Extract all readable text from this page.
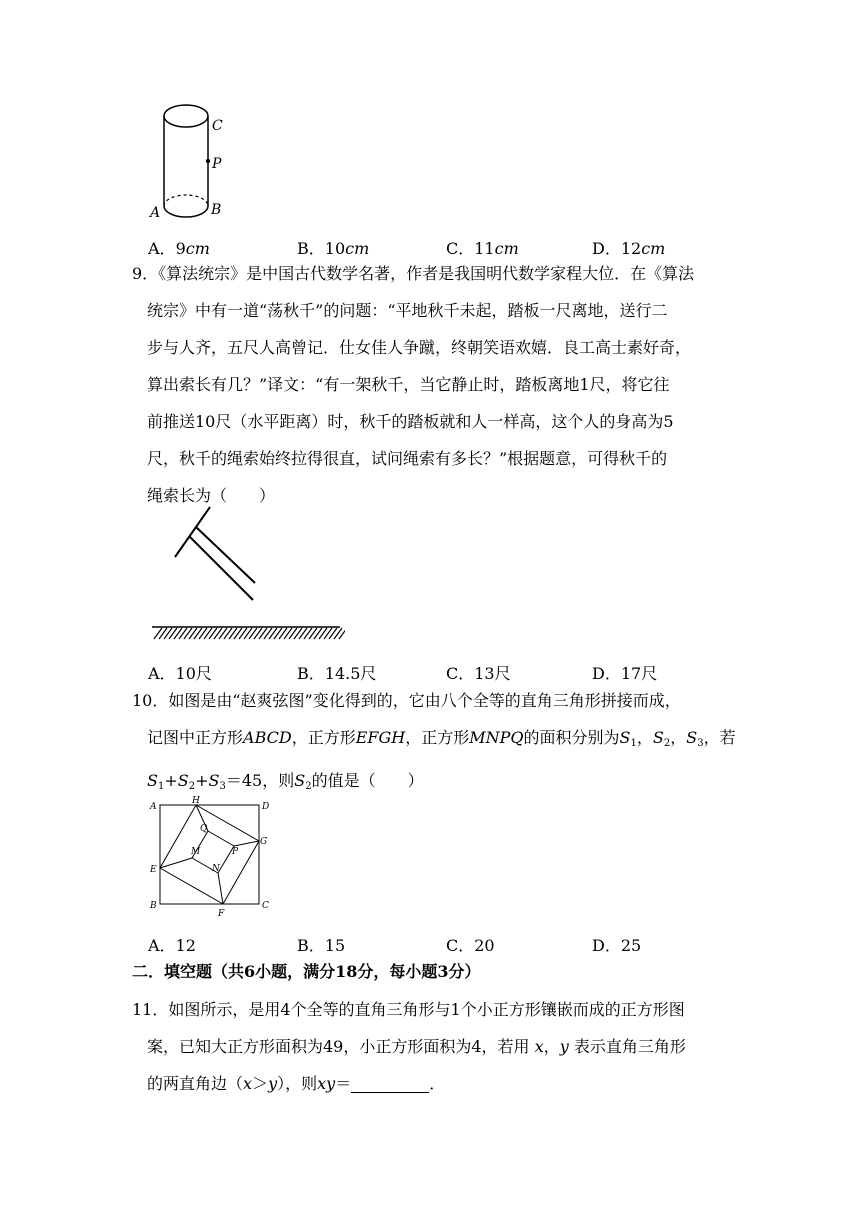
C
P
A	B
A．9cm	B．10cm	C．11cm	D．12cm
9．《算法统宗》是中国古代数学名著，作者是我国明代数学家程大位．在《算法
统宗》中有一道“荡秋千”的问题：“平地秋千未起，踏板一尺离地，送行二
步与人齐，五尺人高曾记．仕女佳人争蹴，终朝笑语欢嬉．良工高士素好奇，
算出索长有几？”译文：“有一架秋千，当它静止时，踏板离地1尺，将它往
前推送10尺（水平距离）时，秋千的踏板就和人一样高，这个人的身高为5
尺，秋千的绳索始终拉得很直，试问绳索有多长？”根据题意，可得秋千的
绳索长为（　　）
A．10尺	B．14.5尺	C．13尺	D．17尺
10．如图是由“赵爽弦图”变化得到的，它由八个全等的直角三角形拼接而成，
记图中正方形ABCD，正方形EFGH，正方形MNPQ的面积分别为$S_1$，$S_2$，$S_3$，若
$S_1+S_2+S_3=45$，则$S_2$的值是（　　）
A
H
D
Q
M	P
G
E	N
B
F
C
A．12	B．15	C．20	D．25
二．填空题（共6小题，满分18分，每小题3分）
11．如图所示，是用4个全等的直角三角形与1个小正方形镶嵌而成的正方形图
案，已知大正方形面积为49，小正方形面积为4，若用 x，y 表示直角三角形
的两直角边（x＞y），则xy＝	．
